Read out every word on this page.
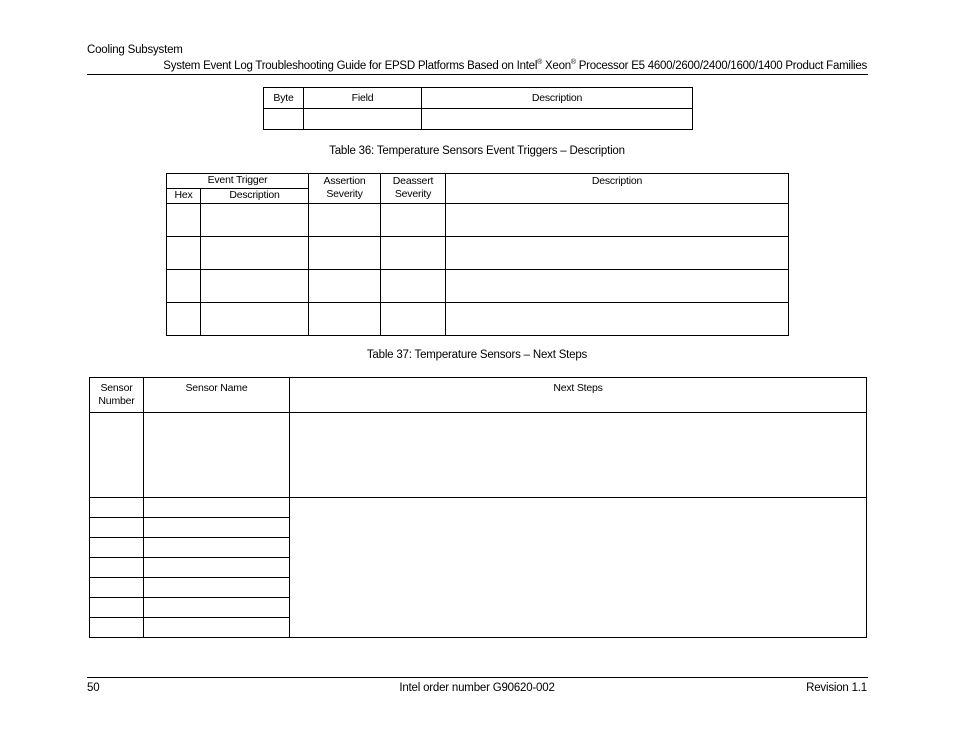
Cooling Subsystem
System Event Log Troubleshooting Guide for EPSD Platforms Based on Intel® Xeon® Processor E5 4600/2600/2400/1600/1400 Product Families
Byte	Field	Description

Table 36: Temperature Sensors Event Triggers – Description
Event Trigger		Assertion Severity	Deassert Severity	Description
Hex	Description			

Table 37: Temperature Sensors – Next Steps
Sensor Number	Sensor Name	Next Steps

50	Intel order number G90620-002	Revision 1.1
